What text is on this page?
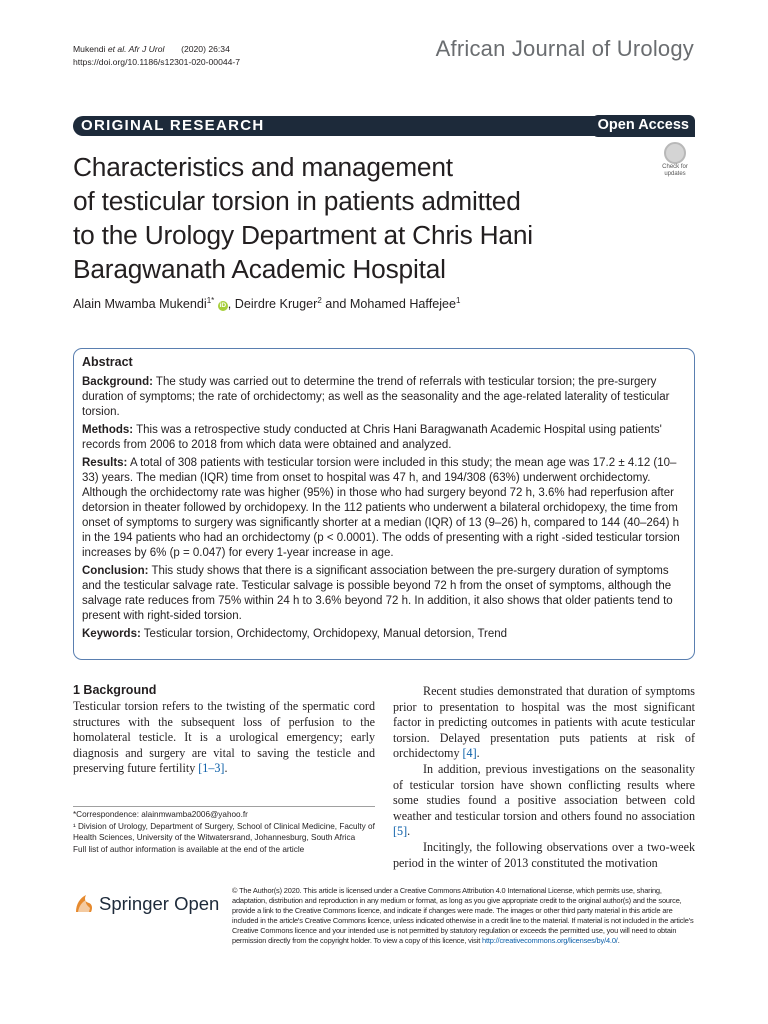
Mukendi et al. Afr J Urol (2020) 26:34
https://doi.org/10.1186/s12301-020-00044-7
African Journal of Urology
ORIGINAL RESEARCH	Open Access
Characteristics and management
of testicular torsion in patients admitted
to the Urology Department at Chris Hani
Baragwanath Academic Hospital
Check for
updates
Alain Mwamba Mukendi$^{1*}$ iD , Deirdre Kruger$^2$ and Mohamed Haffejee$^1$

Abstract

Background: The study was carried out to determine the trend of referrals with testicular torsion; the pre-surgery duration of symptoms; the rate of orchidectomy; as well as the seasonality and the age-related laterality of testicular torsion.

Methods: This was a retrospective study conducted at Chris Hani Baragwanath Academic Hospital using patients' records from 2006 to 2018 from which data were obtained and analyzed.

Results: A total of 308 patients with testicular torsion were included in this study; the mean age was 17.2 ± 4.12 (10–33) years. The median (IQR) time from onset to hospital was 47 h, and 194/308 (63%) underwent orchidectomy. Although the orchidectomy rate was higher (95%) in those who had surgery beyond 72 h, 3.6% had reperfusion after detorsion in theater followed by orchidopexy. In the 112 patients who underwent a bilateral orchidopexy, the time from onset of symptoms to surgery was significantly shorter at a median (IQR) of 13 (9–26) h, compared to 144 (40–264) h in the 194 patients who had an orchidectomy (p < 0.0001). The odds of presenting with a right -sided testicular torsion increases by 6% (p = 0.047) for every 1-year increase in age.

Conclusion: This study shows that there is a significant association between the pre-surgery duration of symptoms and the testicular salvage rate. Testicular salvage is possible beyond 72 h from the onset of symptoms, although the salvage rate reduces from 75% within 24 h to 3.6% beyond 72 h. In addition, it also shows that older patients tend to present with right-sided torsion.

Keywords: Testicular torsion, Orchidectomy, Orchidopexy, Manual detorsion, Trend

1 Background

Testicular torsion refers to the twisting of the spermatic cord structures with the subsequent loss of perfusion to the homolateral testicle. It is a urological emergency; early diagnosis and surgery are vital to saving the testicle and preserving future fertility [1–3].

Recent studies demonstrated that duration of symptoms prior to presentation to hospital was the most significant factor in predicting outcomes in patients with acute testicular torsion. Delayed presentation puts patients at risk of orchidectomy [4].

In addition, previous investigations on the seasonality of testicular torsion have shown conflicting results where some studies found a positive association between cold weather and testicular torsion and others found no association [5].

Incitingly, the following observations over a two-week period in the winter of 2013 constituted the motivation

*Correspondence: alainmwamba2006@yahoo.fr

¹ Division of Urology, Department of Surgery, School of Clinical Medicine, Faculty of Health Sciences, University of the Witwatersrand, Johannesburg, South Africa

Full list of author information is available at the end of the article

Springer Open

© The Author(s) 2020. This article is licensed under a Creative Commons Attribution 4.0 International License, which permits use, sharing, adaptation, distribution and reproduction in any medium or format, as long as you give appropriate credit to the original author(s) and the source, provide a link to the Creative Commons licence, and indicate if changes were made. The images or other third party material in this article are included in the article's Creative Commons licence, unless indicated otherwise in a credit line to the material. If material is not included in the article's Creative Commons licence and your intended use is not permitted by statutory regulation or exceeds the permitted use, you will need to obtain permission directly from the copyright holder. To view a copy of this licence, visit http://creativecommons.org/licenses/by/4.0/.
